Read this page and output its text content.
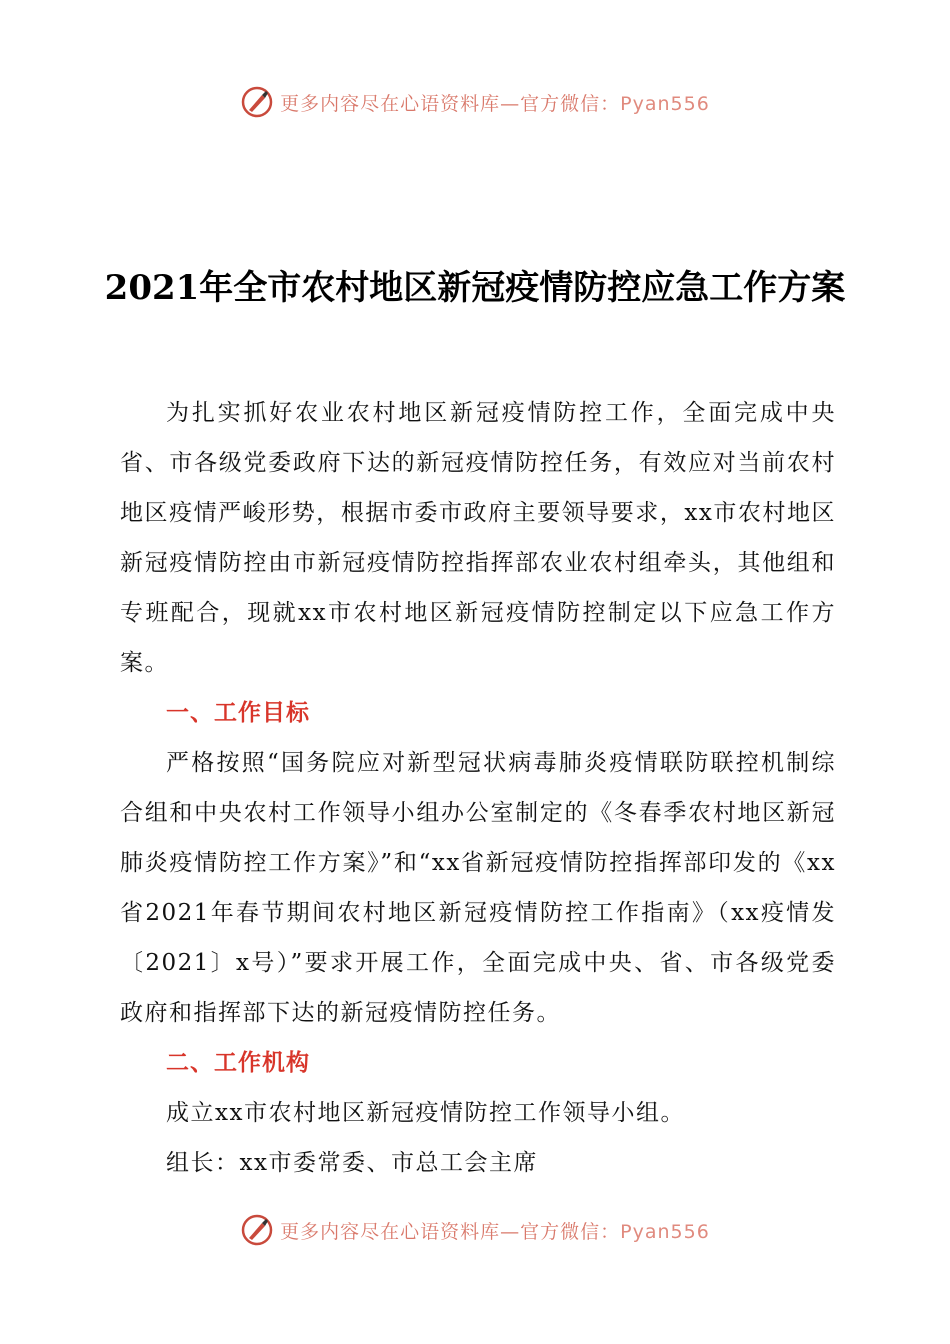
更多内容尽在心语资料库—官方微信：Pyan556
2021年全市农村地区新冠疫情防控应急工作方案

为扎实抓好农业农村地区新冠疫情防控工作，全面完成中央省、市各级党委政府下达的新冠疫情防控任务，有效应对当前农村地区疫情严峻形势，根据市委市政府主要领导要求，xx市农村地区新冠疫情防控由市新冠疫情防控指挥部农业农村组牵头，其他组和专班配合，现就xx市农村地区新冠疫情防控制定以下应急工作方案。

一、工作目标

严格按照“国务院应对新型冠状病毒肺炎疫情联防联控机制综合组和中央农村工作领导小组办公室制定的《冬春季农村地区新冠肺炎疫情防控工作方案》”和“xx省新冠疫情防控指挥部印发的《xx省2021年春节期间农村地区新冠疫情防控工作指南》（xx疫情发〔2021〕x号）”要求开展工作，全面完成中央、省、市各级党委政府和指挥部下达的新冠疫情防控任务。

二、工作机构

成立xx市农村地区新冠疫情防控工作领导小组。

组长：xx市委常委、市总工会主席

更多内容尽在心语资料库—官方微信：Pyan556
